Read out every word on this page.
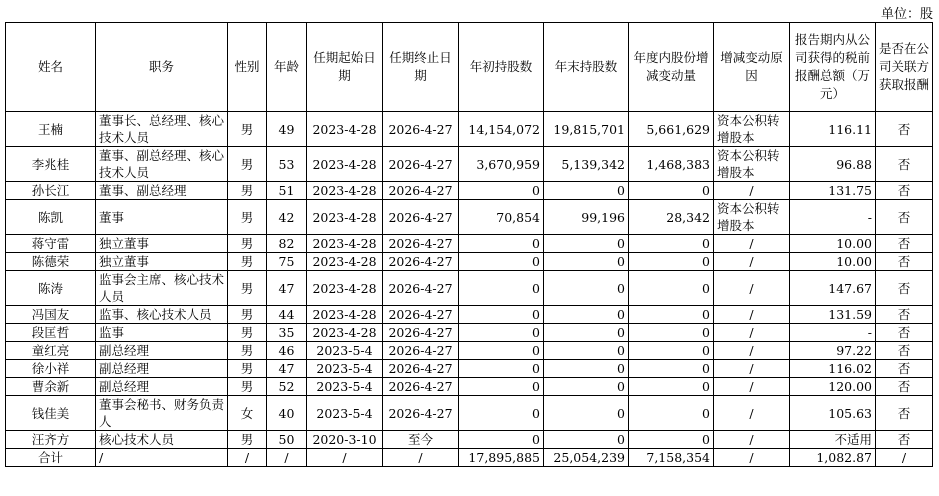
单位：股
姓名	职务	性别	年龄	任期起始日期	任期终止日期	年初持股数	年末持股数	年度内股份增减变动量	增减变动原因	报告期内从公司获得的税前报酬总额（万元）	是否在公司关联方获取报酬
王楠	董事长、总经理、核心技术人员	男	49	2023-4-28	2026-4-27	14,154,072	19,815,701	5,661,629	资本公积转增股本	116.11	否
李兆桂	董事、副总经理、核心技术人员	男	53	2023-4-28	2026-4-27	3,670,959	5,139,342	1,468,383	资本公积转增股本	96.88	否
孙长江	董事、副总经理	男	51	2023-4-28	2026-4-27	0	0	0	/	131.75	否
陈凯	董事	男	42	2023-4-28	2026-4-27	70,854	99,196	28,342	资本公积转增股本	-	否
蒋守雷	独立董事	男	82	2023-4-28	2026-4-27	0	0	0	/	10.00	否
陈德荣	独立董事	男	75	2023-4-28	2026-4-27	0	0	0	/	10.00	否
陈涛	监事会主席、核心技术人员	男	47	2023-4-28	2026-4-27	0	0	0	/	147.67	否
冯国友	监事、核心技术人员	男	44	2023-4-28	2026-4-27	0	0	0	/	131.59	否
段匡哲	监事	男	35	2023-4-28	2026-4-27	0	0	0	/	-	否
童红亮	副总经理	男	46	2023-5-4	2026-4-27	0	0	0	/	97.22	否
徐小祥	副总经理	男	47	2023-5-4	2026-4-27	0	0	0	/	116.02	否
曹余新	副总经理	男	52	2023-5-4	2026-4-27	0	0	0	/	120.00	否
钱佳美	董事会秘书、财务负责人	女	40	2023-5-4	2026-4-27	0	0	0	/	105.63	否
汪齐方	核心技术人员	男	50	2020-3-10	至今	0	0	0	/	不适用	否
合计	/	/	/	/	/	17,895,885	25,054,239	7,158,354	/	1,082.87	/
